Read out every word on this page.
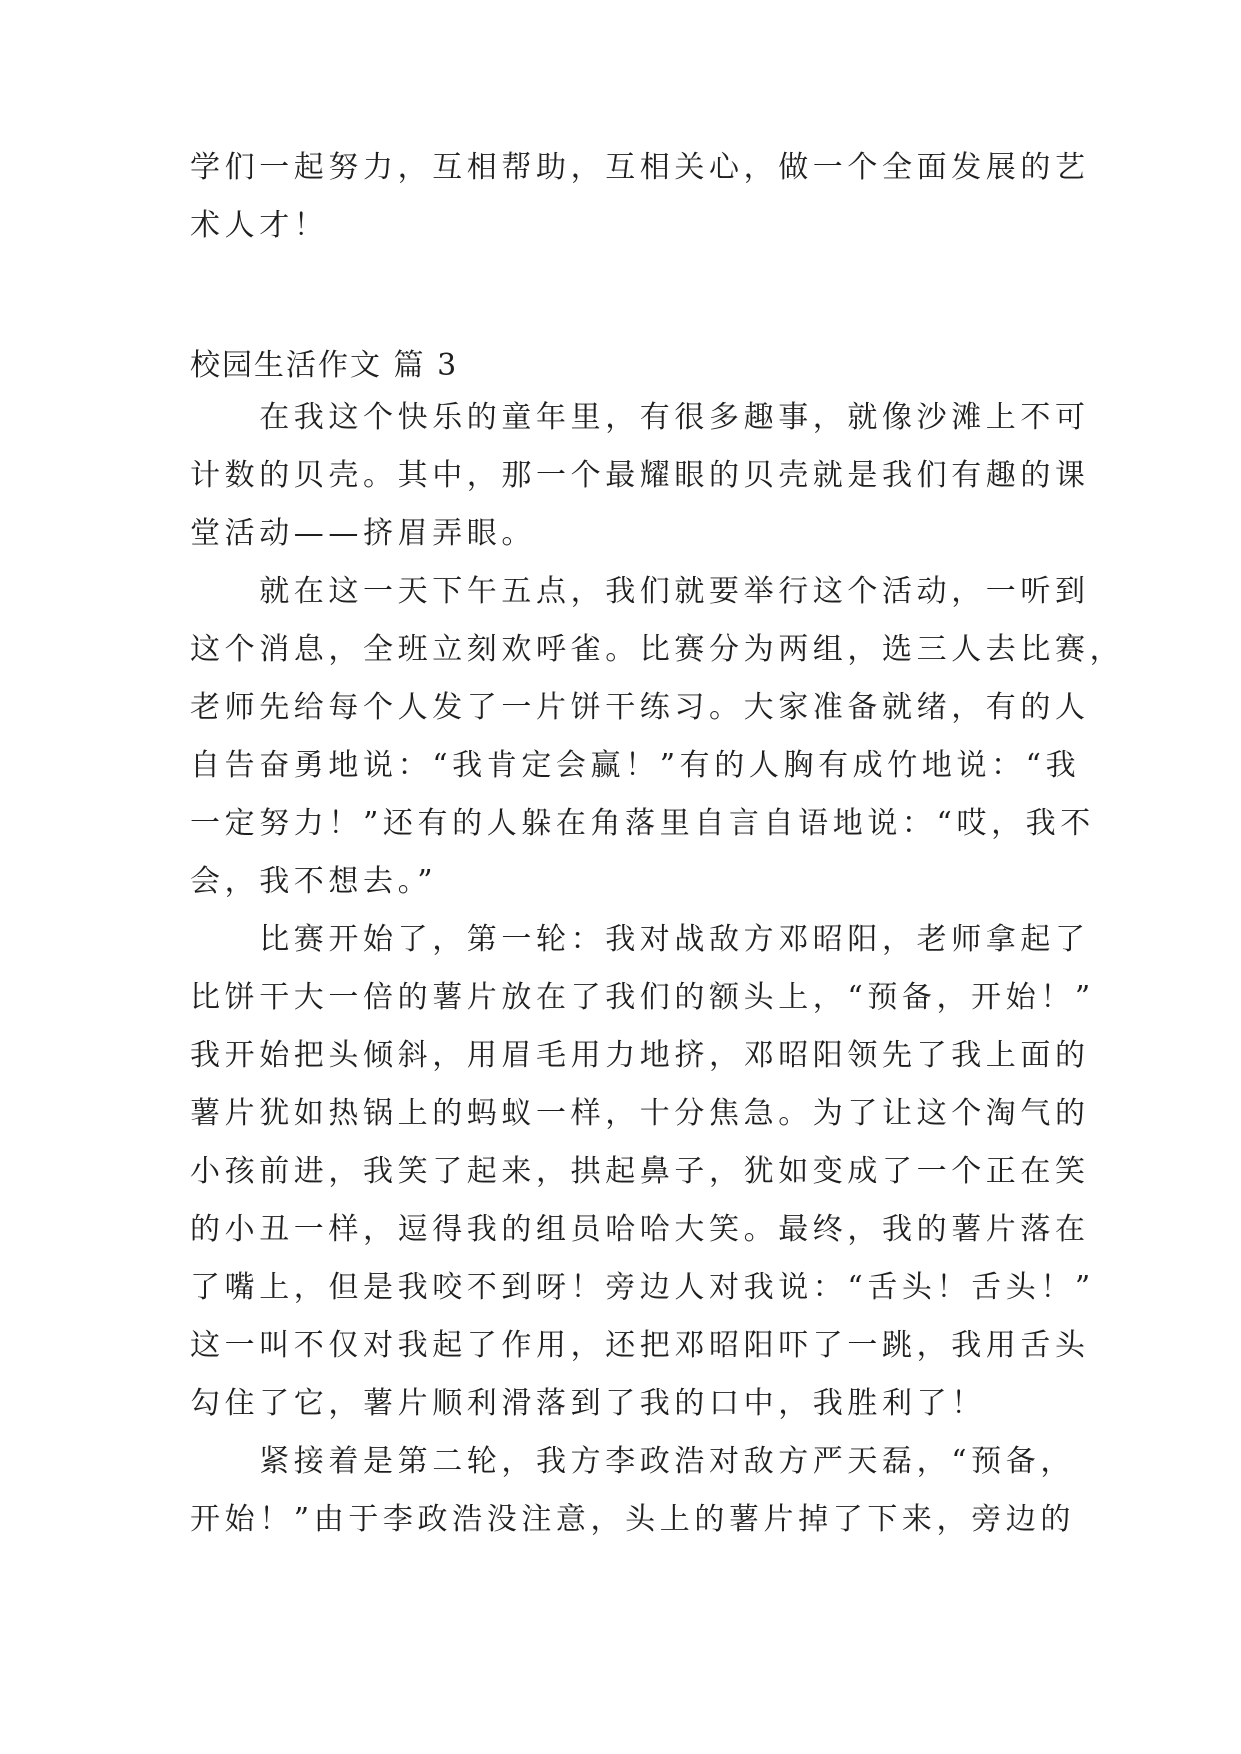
学们一起努力，互相帮助，互相关心，做一个全面发展的艺
术人才！
校园生活作文 篇 3
　　在我这个快乐的童年里，有很多趣事，就像沙滩上不可
计数的贝壳。其中，那一个最耀眼的贝壳就是我们有趣的课
堂活动——挤眉弄眼。
　　就在这一天下午五点，我们就要举行这个活动，一听到
这个消息，全班立刻欢呼雀。比赛分为两组，选三人去比赛，
老师先给每个人发了一片饼干练习。大家准备就绪，有的人
自告奋勇地说：“我肯定会赢！”有的人胸有成竹地说：“我
一定努力！”还有的人躲在角落里自言自语地说：“哎，我不
会，我不想去。”
　　比赛开始了，第一轮：我对战敌方邓昭阳，老师拿起了
比饼干大一倍的薯片放在了我们的额头上，“预备，开始！”
我开始把头倾斜，用眉毛用力地挤，邓昭阳领先了我上面的
薯片犹如热锅上的蚂蚁一样，十分焦急。为了让这个淘气的
小孩前进，我笑了起来，拱起鼻子，犹如变成了一个正在笑
的小丑一样，逗得我的组员哈哈大笑。最终，我的薯片落在
了嘴上，但是我咬不到呀！旁边人对我说：“舌头！舌头！”
这一叫不仅对我起了作用，还把邓昭阳吓了一跳，我用舌头
勾住了它，薯片顺利滑落到了我的口中，我胜利了！
　　紧接着是第二轮，我方李政浩对敌方严天磊，“预备，
开始！”由于李政浩没注意，头上的薯片掉了下来，旁边的
